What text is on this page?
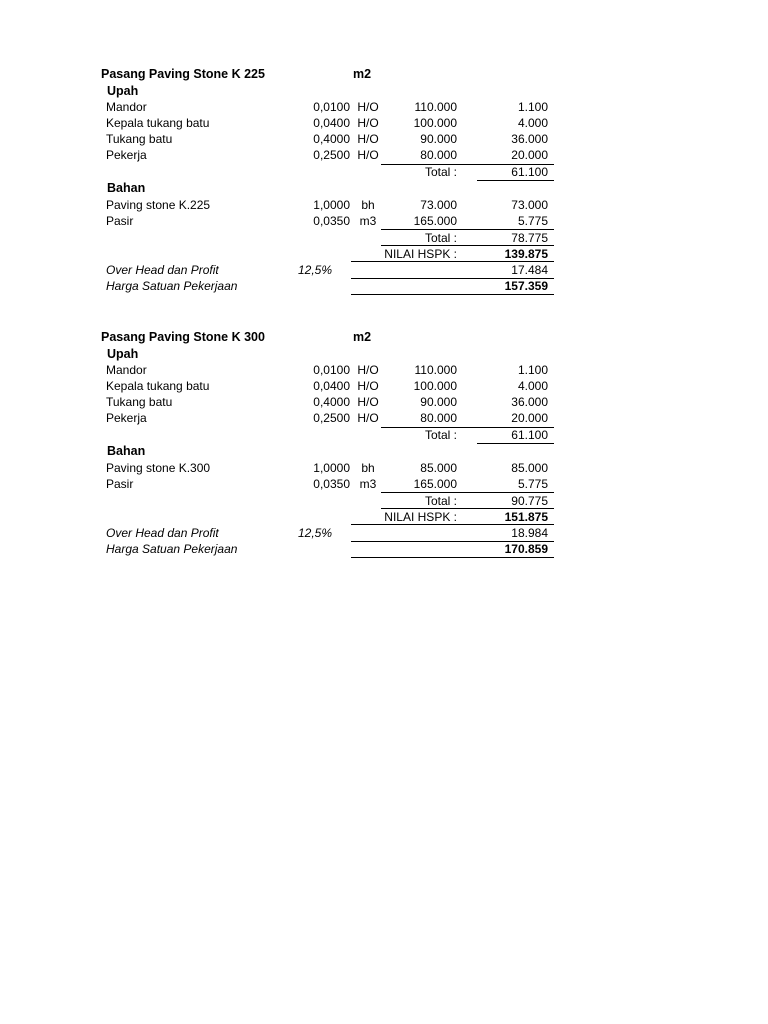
Pasang Paving Stone K 225	m2
Upah
Mandor	0,0100 H/O	110.000	1.100
Kepala tukang batu	0,0400 H/O	100.000	4.000
Tukang batu	0,4000 H/O	90.000	36.000
Pekerja	0,2500 H/O	80.000	20.000
Total :	61.100
Bahan
Paving stone K.225	1,0000 bh	73.000	73.000
Pasir	0,0350 m3	165.000	5.775
Total :	78.775
NILAI HSPK :	139.875
Over Head dan Profit	12,5%	17.484
Harga Satuan Pekerjaan	157.359
Pasang Paving Stone K 300	m2
Upah
Mandor	0,0100 H/O	110.000	1.100
Kepala tukang batu	0,0400 H/O	100.000	4.000
Tukang batu	0,4000 H/O	90.000	36.000
Pekerja	0,2500 H/O	80.000	20.000
Total :	61.100
Bahan
Paving stone K.300	1,0000 bh	85.000	85.000
Pasir	0,0350 m3	165.000	5.775
Total :	90.775
NILAI HSPK :	151.875
Over Head dan Profit	12,5%	18.984
Harga Satuan Pekerjaan	170.859
